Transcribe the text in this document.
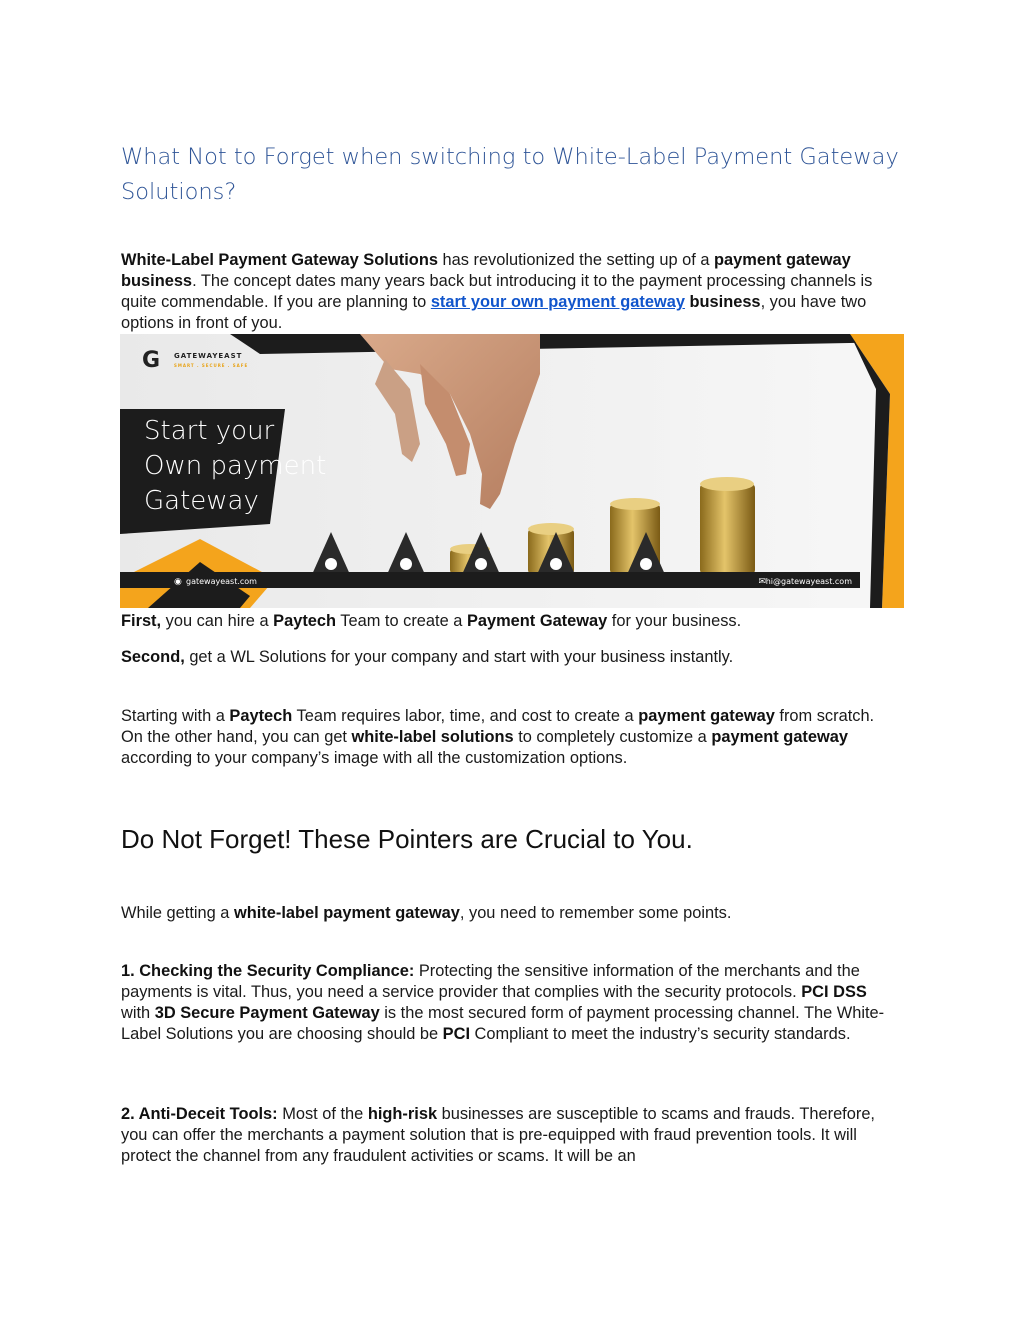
What Not to Forget when switching to White-Label Payment Gateway Solutions?

White-Label Payment Gateway Solutions has revolutionized the setting up of a payment gateway business. The concept dates many years back but introducing it to the payment processing channels is quite commendable. If you are planning to start your own payment gateway business, you have two options in front of you.

G	GATEWAYEAST
SMART . SECURE . SAFE
Start your
Own payment
Gateway
◉ gatewayeast.com	✉ hi@gatewayeast.com

First, you can hire a Paytech Team to create a Payment Gateway for your business.

Second, get a WL Solutions for your company and start with your business instantly.

Starting with a Paytech Team requires labor, time, and cost to create a payment gateway from scratch. On the other hand, you can get white-label solutions to completely customize a payment gateway according to your company’s image with all the customization options.

Do Not Forget! These Pointers are Crucial to You.

While getting a white-label payment gateway, you need to remember some points.

1. Checking the Security Compliance: Protecting the sensitive information of the merchants and the payments is vital. Thus, you need a service provider that complies with the security protocols. PCI DSS with 3D Secure Payment Gateway is the most secured form of payment processing channel. The White-Label Solutions you are choosing should be PCI Compliant to meet the industry’s security standards.

2. Anti-Deceit Tools: Most of the high-risk businesses are susceptible to scams and frauds. Therefore, you can offer the merchants a payment solution that is pre-equipped with fraud prevention tools. It will protect the channel from any fraudulent activities or scams. It will be an
